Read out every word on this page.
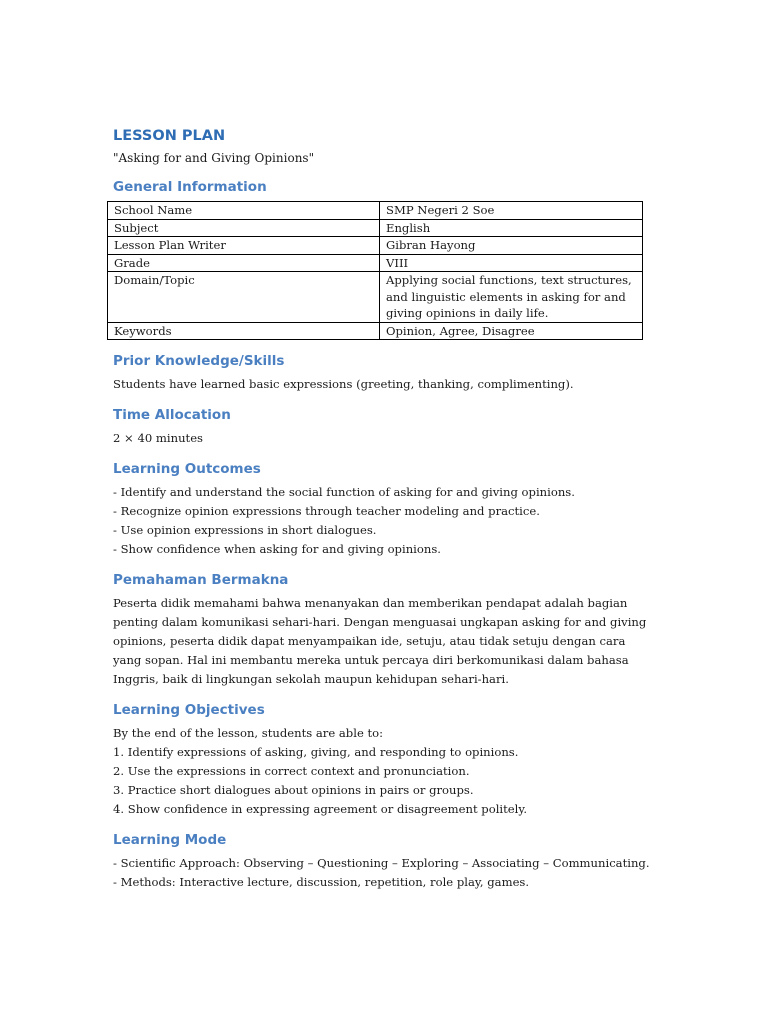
LESSON PLAN

"Asking for and Giving Opinions"

General Information
School Name	SMP Negeri 2 Soe
Subject	English
Lesson Plan Writer	Gibran Hayong
Grade	VIII
Domain/Topic	Applying social functions, text structures, and linguistic elements in asking for and giving opinions in daily life.
Keywords	Opinion, Agree, Disagree
Prior Knowledge/Skills

Students have learned basic expressions (greeting, thanking, complimenting).

Time Allocation

2 × 40 minutes

Learning Outcomes
- Identify and understand the social function of asking for and giving opinions.
- Recognize opinion expressions through teacher modeling and practice.
- Use opinion expressions in short dialogues.
- Show confidence when asking for and giving opinions.
Pemahaman Bermakna

Peserta didik memahami bahwa menanyakan dan memberikan pendapat adalah bagian penting dalam komunikasi sehari-hari. Dengan menguasai ungkapan asking for and giving opinions, peserta didik dapat menyampaikan ide, setuju, atau tidak setuju dengan cara yang sopan. Hal ini membantu mereka untuk percaya diri berkomunikasi dalam bahasa Inggris, baik di lingkungan sekolah maupun kehidupan sehari-hari.

Learning Objectives

By the end of the lesson, students are able to:

1. Identify expressions of asking, giving, and responding to opinions.
2. Use the expressions in correct context and pronunciation.
3. Practice short dialogues about opinions in pairs or groups.
4. Show confidence in expressing agreement or disagreement politely.
Learning Mode
- Scientific Approach: Observing – Questioning – Exploring – Associating – Communicating.
- Methods: Interactive lecture, discussion, repetition, role play, games.
